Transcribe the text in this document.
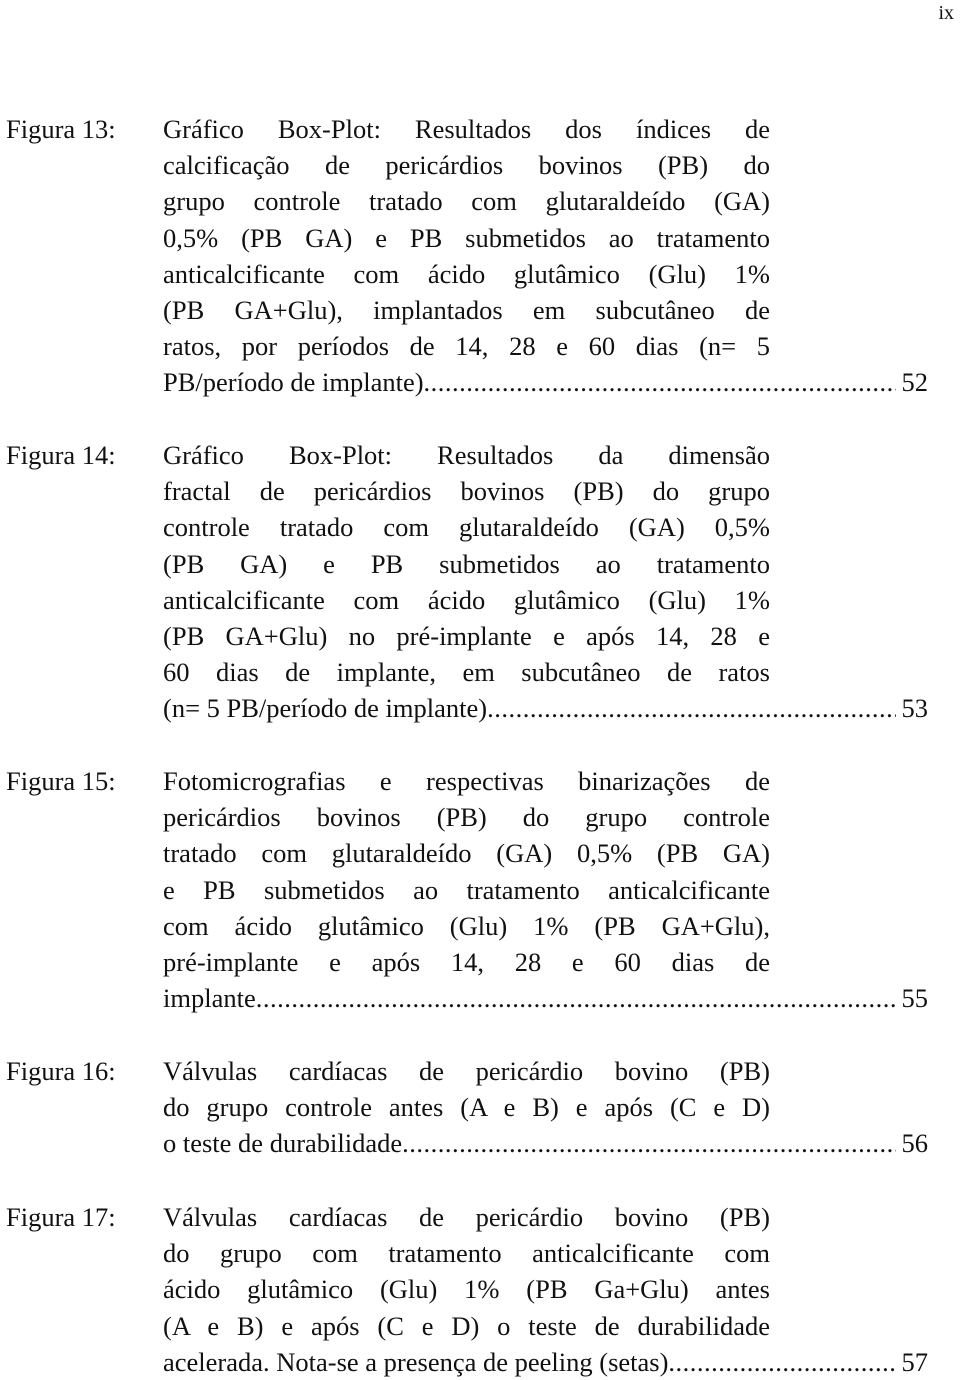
ix
Figura 13: Gráfico Box-Plot: Resultados dos índices de
calcificação de pericárdios bovinos (PB) do
grupo controle tratado com glutaraldeído (GA)
0,5% (PB GA) e PB submetidos ao tratamento
anticalcificante com ácido glutâmico (Glu) 1%
(PB GA+Glu), implantados em subcutâneo de
ratos, por períodos de 14, 28 e 60 dias (n= 5
PB/período de implante) .....	52
Figura 14: Gráfico Box-Plot: Resultados da dimensão
fractal de pericárdios bovinos (PB) do grupo
controle tratado com glutaraldeído (GA) 0,5%
(PB GA) e PB submetidos ao tratamento
anticalcificante com ácido glutâmico (Glu) 1%
(PB GA+Glu) no pré-implante e após 14, 28 e
60 dias de implante, em subcutâneo de ratos
(n= 5 PB/período de implante) .....	53
Figura 15: Fotomicrografias e respectivas binarizações de
pericárdios bovinos (PB) do grupo controle
tratado com glutaraldeído (GA) 0,5% (PB GA)
e PB submetidos ao tratamento anticalcificante
com ácido glutâmico (Glu) 1% (PB GA+Glu),
pré-implante e após 14, 28 e 60 dias de
implante .....	55
Figura 16: Válvulas cardíacas de pericárdio bovino (PB)
do grupo controle antes (A e B) e após (C e D)
o teste de durabilidade .....	56
Figura 17: Válvulas cardíacas de pericárdio bovino (PB)
do grupo com tratamento anticalcificante com
ácido glutâmico (Glu) 1% (PB Ga+Glu) antes
(A e B) e após (C e D) o teste de durabilidade
acelerada. Nota-se a presença de peeling (setas) .....	57
